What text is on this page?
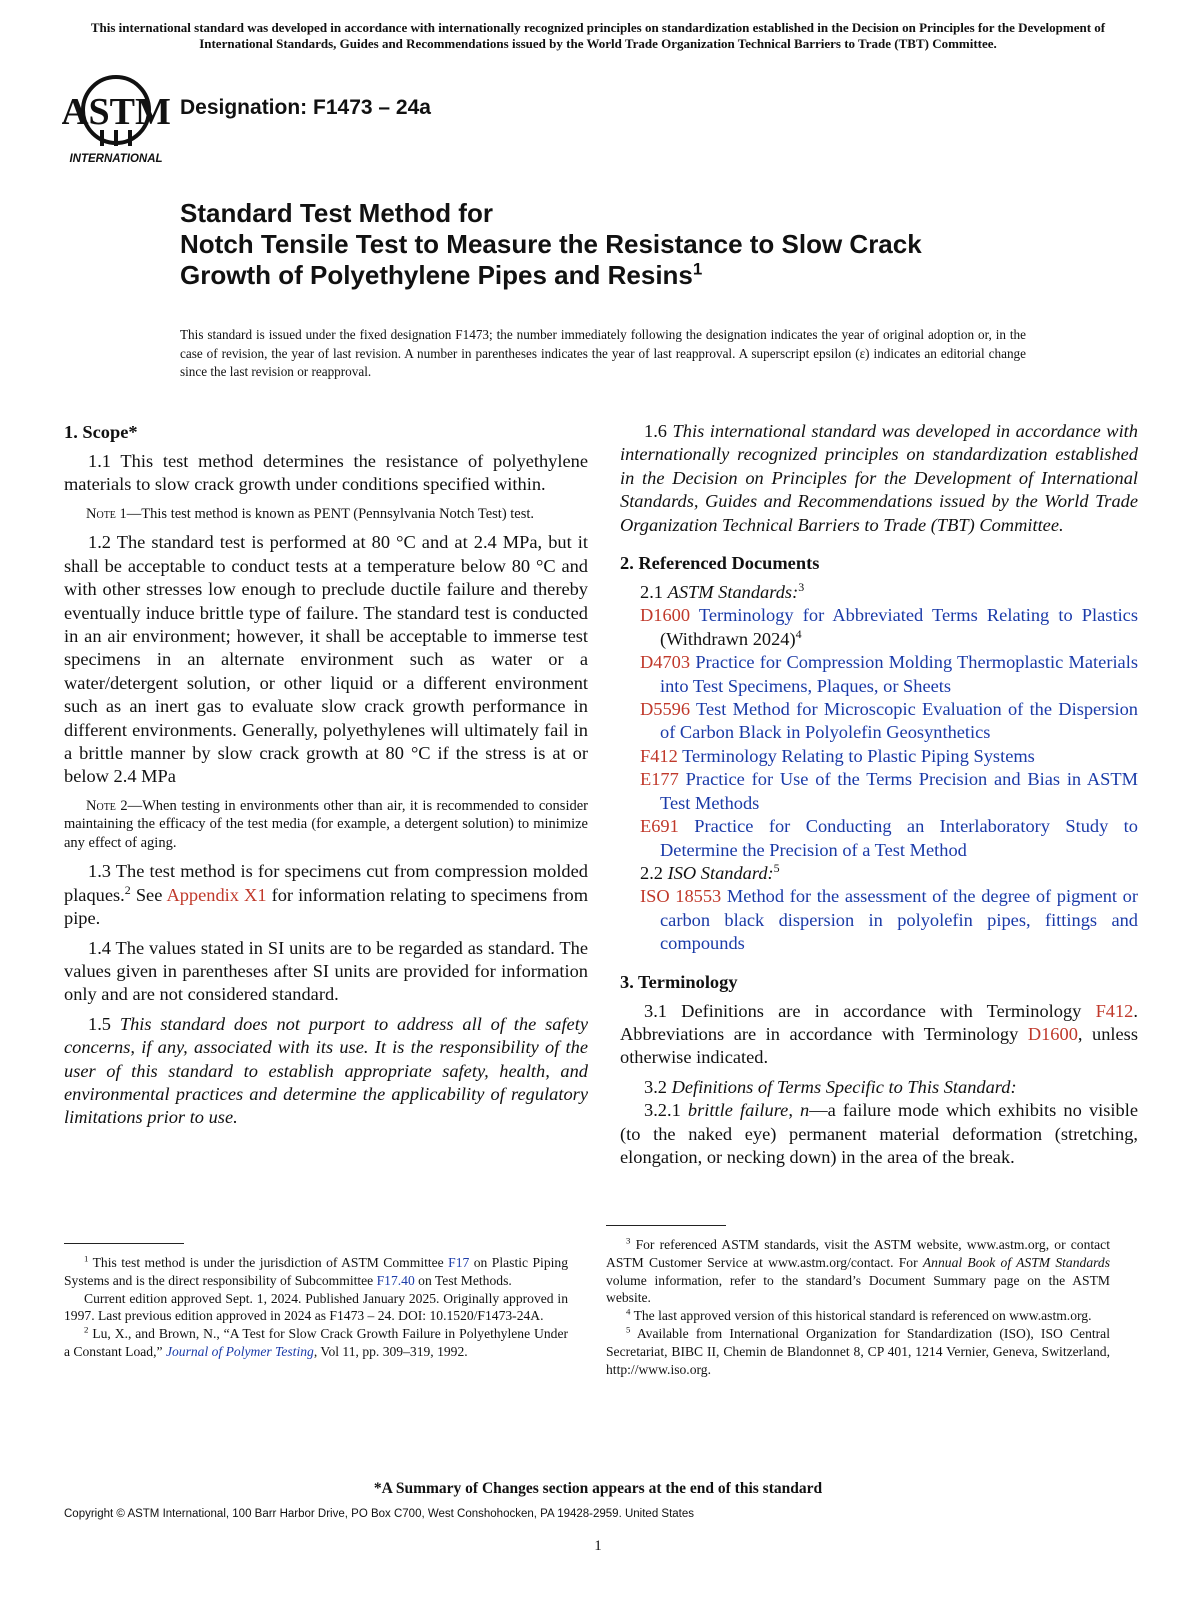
This international standard was developed in accordance with internationally recognized principles on standardization established in the Decision on Principles for the Development of International Standards, Guides and Recommendations issued by the World Trade Organization Technical Barriers to Trade (TBT) Committee.
ASTM
INTERNATIONAL
Designation: F1473 – 24a
Standard Test Method for
Notch Tensile Test to Measure the Resistance to Slow Crack
Growth of Polyethylene Pipes and Resins$^1$
This standard is issued under the fixed designation F1473; the number immediately following the designation indicates the year of original adoption or, in the case of revision, the year of last revision. A number in parentheses indicates the year of last reapproval. A superscript epsilon (ε) indicates an editorial change since the last revision or reapproval.
1. Scope*

1.1 This test method determines the resistance of polyethylene materials to slow crack growth under conditions specified within.

Note 1—This test method is known as PENT (Pennsylvania Notch Test) test.

1.2 The standard test is performed at 80 °C and at 2.4 MPa, but it shall be acceptable to conduct tests at a temperature below 80 °C and with other stresses low enough to preclude ductile failure and thereby eventually induce brittle type of failure. The standard test is conducted in an air environment; however, it shall be acceptable to immerse test specimens in an alternate environment such as water or a water/detergent solution, or other liquid or a different environment such as an inert gas to evaluate slow crack growth performance in different environments. Generally, polyethylenes will ultimately fail in a brittle manner by slow crack growth at 80 °C if the stress is at or below 2.4 MPa

Note 2—When testing in environments other than air, it is recommended to consider maintaining the efficacy of the test media (for example, a detergent solution) to minimize any effect of aging.

1.3 The test method is for specimens cut from compression molded plaques.$^2$ See Appendix X1 for information relating to specimens from pipe.

1.4 The values stated in SI units are to be regarded as standard. The values given in parentheses after SI units are provided for information only and are not considered standard.

1.5 This standard does not purport to address all of the safety concerns, if any, associated with its use. It is the responsibility of the user of this standard to establish appropriate safety, health, and environmental practices and determine the applicability of regulatory limitations prior to use.

1.6 This international standard was developed in accordance with internationally recognized principles on standardization established in the Decision on Principles for the Development of International Standards, Guides and Recommendations issued by the World Trade Organization Technical Barriers to Trade (TBT) Committee.

2. Referenced Documents

2.1 ASTM Standards:$^3$

D1600 Terminology for Abbreviated Terms Relating to Plastics (Withdrawn 2024)$^4$
D4703 Practice for Compression Molding Thermoplastic Materials into Test Specimens, Plaques, or Sheets
D5596 Test Method for Microscopic Evaluation of the Dispersion of Carbon Black in Polyolefin Geosynthetics
F412 Terminology Relating to Plastic Piping Systems
E177 Practice for Use of the Terms Precision and Bias in ASTM Test Methods
E691 Practice for Conducting an Interlaboratory Study to Determine the Precision of a Test Method

2.2 ISO Standard:$^5$

ISO 18553 Method for the assessment of the degree of pigment or carbon black dispersion in polyolefin pipes, fittings and compounds
3. Terminology

3.1 Definitions are in accordance with Terminology F412. Abbreviations are in accordance with Terminology D1600, unless otherwise indicated.

3.2 Definitions of Terms Specific to This Standard:

3.2.1 brittle failure, n—a failure mode which exhibits no visible (to the naked eye) permanent material deformation (stretching, elongation, or necking down) in the area of the break.

$^1$ This test method is under the jurisdiction of ASTM Committee F17 on Plastic Piping Systems and is the direct responsibility of Subcommittee F17.40 on Test Methods.

Current edition approved Sept. 1, 2024. Published January 2025. Originally approved in 1997. Last previous edition approved in 2024 as F1473 – 24. DOI: 10.1520/F1473-24A.

$^2$ Lu, X., and Brown, N., “A Test for Slow Crack Growth Failure in Polyethylene Under a Constant Load,” Journal of Polymer Testing, Vol 11, pp. 309–319, 1992.

$^3$ For referenced ASTM standards, visit the ASTM website, www.astm.org, or contact ASTM Customer Service at www.astm.org/contact. For Annual Book of ASTM Standards volume information, refer to the standard’s Document Summary page on the ASTM website.

$^4$ The last approved version of this historical standard is referenced on www.astm.org.

$^5$ Available from International Organization for Standardization (ISO), ISO Central Secretariat, BIBC II, Chemin de Blandonnet 8, CP 401, 1214 Vernier, Geneva, Switzerland, http://www.iso.org.

*A Summary of Changes section appears at the end of this standard
Copyright © ASTM International, 100 Barr Harbor Drive, PO Box C700, West Conshohocken, PA 19428-2959. United States
1
